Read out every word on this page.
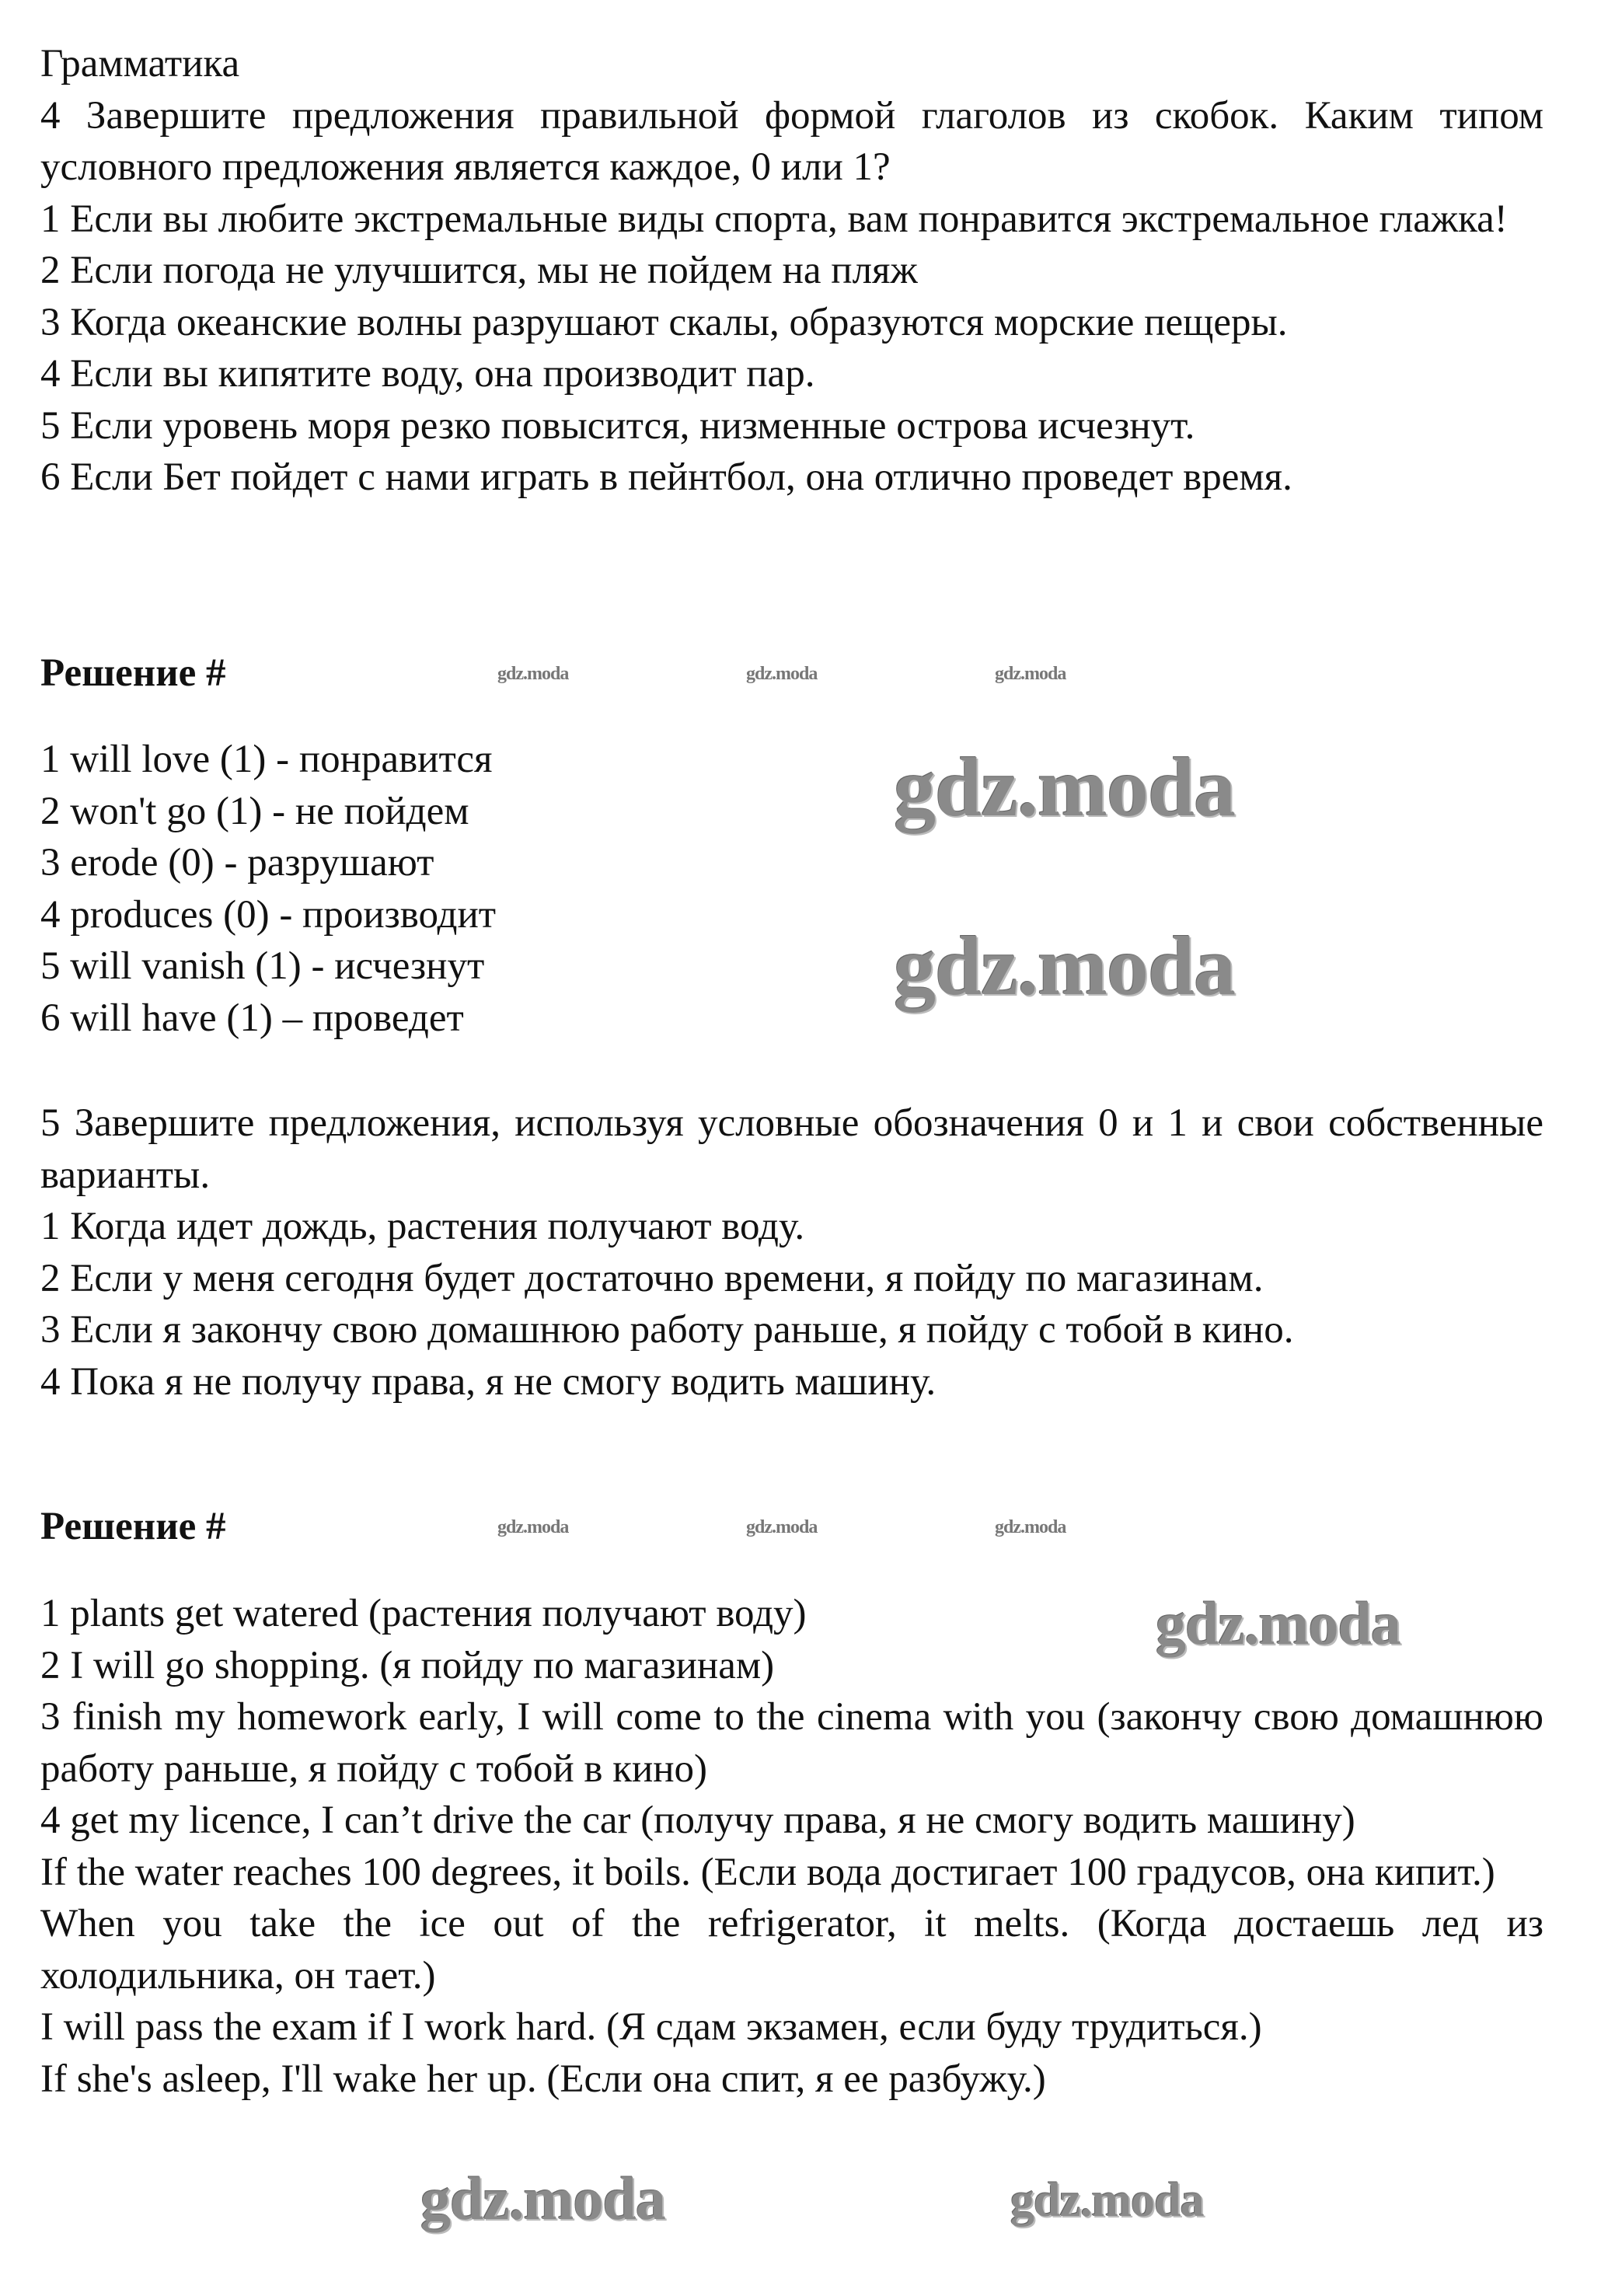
Грамматика

4 Завершите предложения правильной формой глаголов из скобок. Каким типом условного предложения является каждое, 0 или 1?

1 Если вы любите экстремальные виды спорта, вам понравится экстремальное глажка!

2 Если погода не улучшится, мы не пойдем на пляж

3 Когда океанские волны разрушают скалы, образуются морские пещеры.

4 Если вы кипятите воду, она производит пар.

5 Если уровень моря резко повысится, низменные острова исчезнут.

6 Если Бет пойдет с нами играть в пейнтбол, она отлично проведет время.

Решение #

1 will love (1) - понравится

2 won't go (1) - не пойдем

3 erode (0) - разрушают

4 produces (0) - производит

5 will vanish (1) - исчезнут

6 will have (1) – проведет

5 Завершите предложения, используя условные обозначения 0 и 1 и свои собственные варианты.

1 Когда идет дождь, растения получают воду.

2 Если у меня сегодня будет достаточно времени, я пойду по магазинам.

3 Если я закончу свою домашнюю работу раньше, я пойду с тобой в кино.

4 Пока я не получу права, я не смогу водить машину.

Решение #

1 plants get watered (растения получают воду)

2 I will go shopping. (я пойду по магазинам)

3 finish my homework early, I will come to the cinema with you (закончу свою домашнюю работу раньше, я пойду с тобой в кино)

4 get my licence, I can’t drive the car (получу права, я не смогу водить машину)

If the water reaches 100 degrees, it boils. (Если вода достигает 100 градусов, она кипит.)

When you take the ice out of the refrigerator, it melts. (Когда достаешь лед из холодильника, он тает.)

I will pass the exam if I work hard. (Я сдам экзамен, если буду трудиться.)

If she's asleep, I'll wake her up. (Если она спит, я ее разбужу.)

gdz.moda	gdz.moda	gdz.moda
gdz.moda	gdz.moda	gdz.moda
gdz.moda
gdz.moda
gdz.moda
gdz.moda	gdz.moda
